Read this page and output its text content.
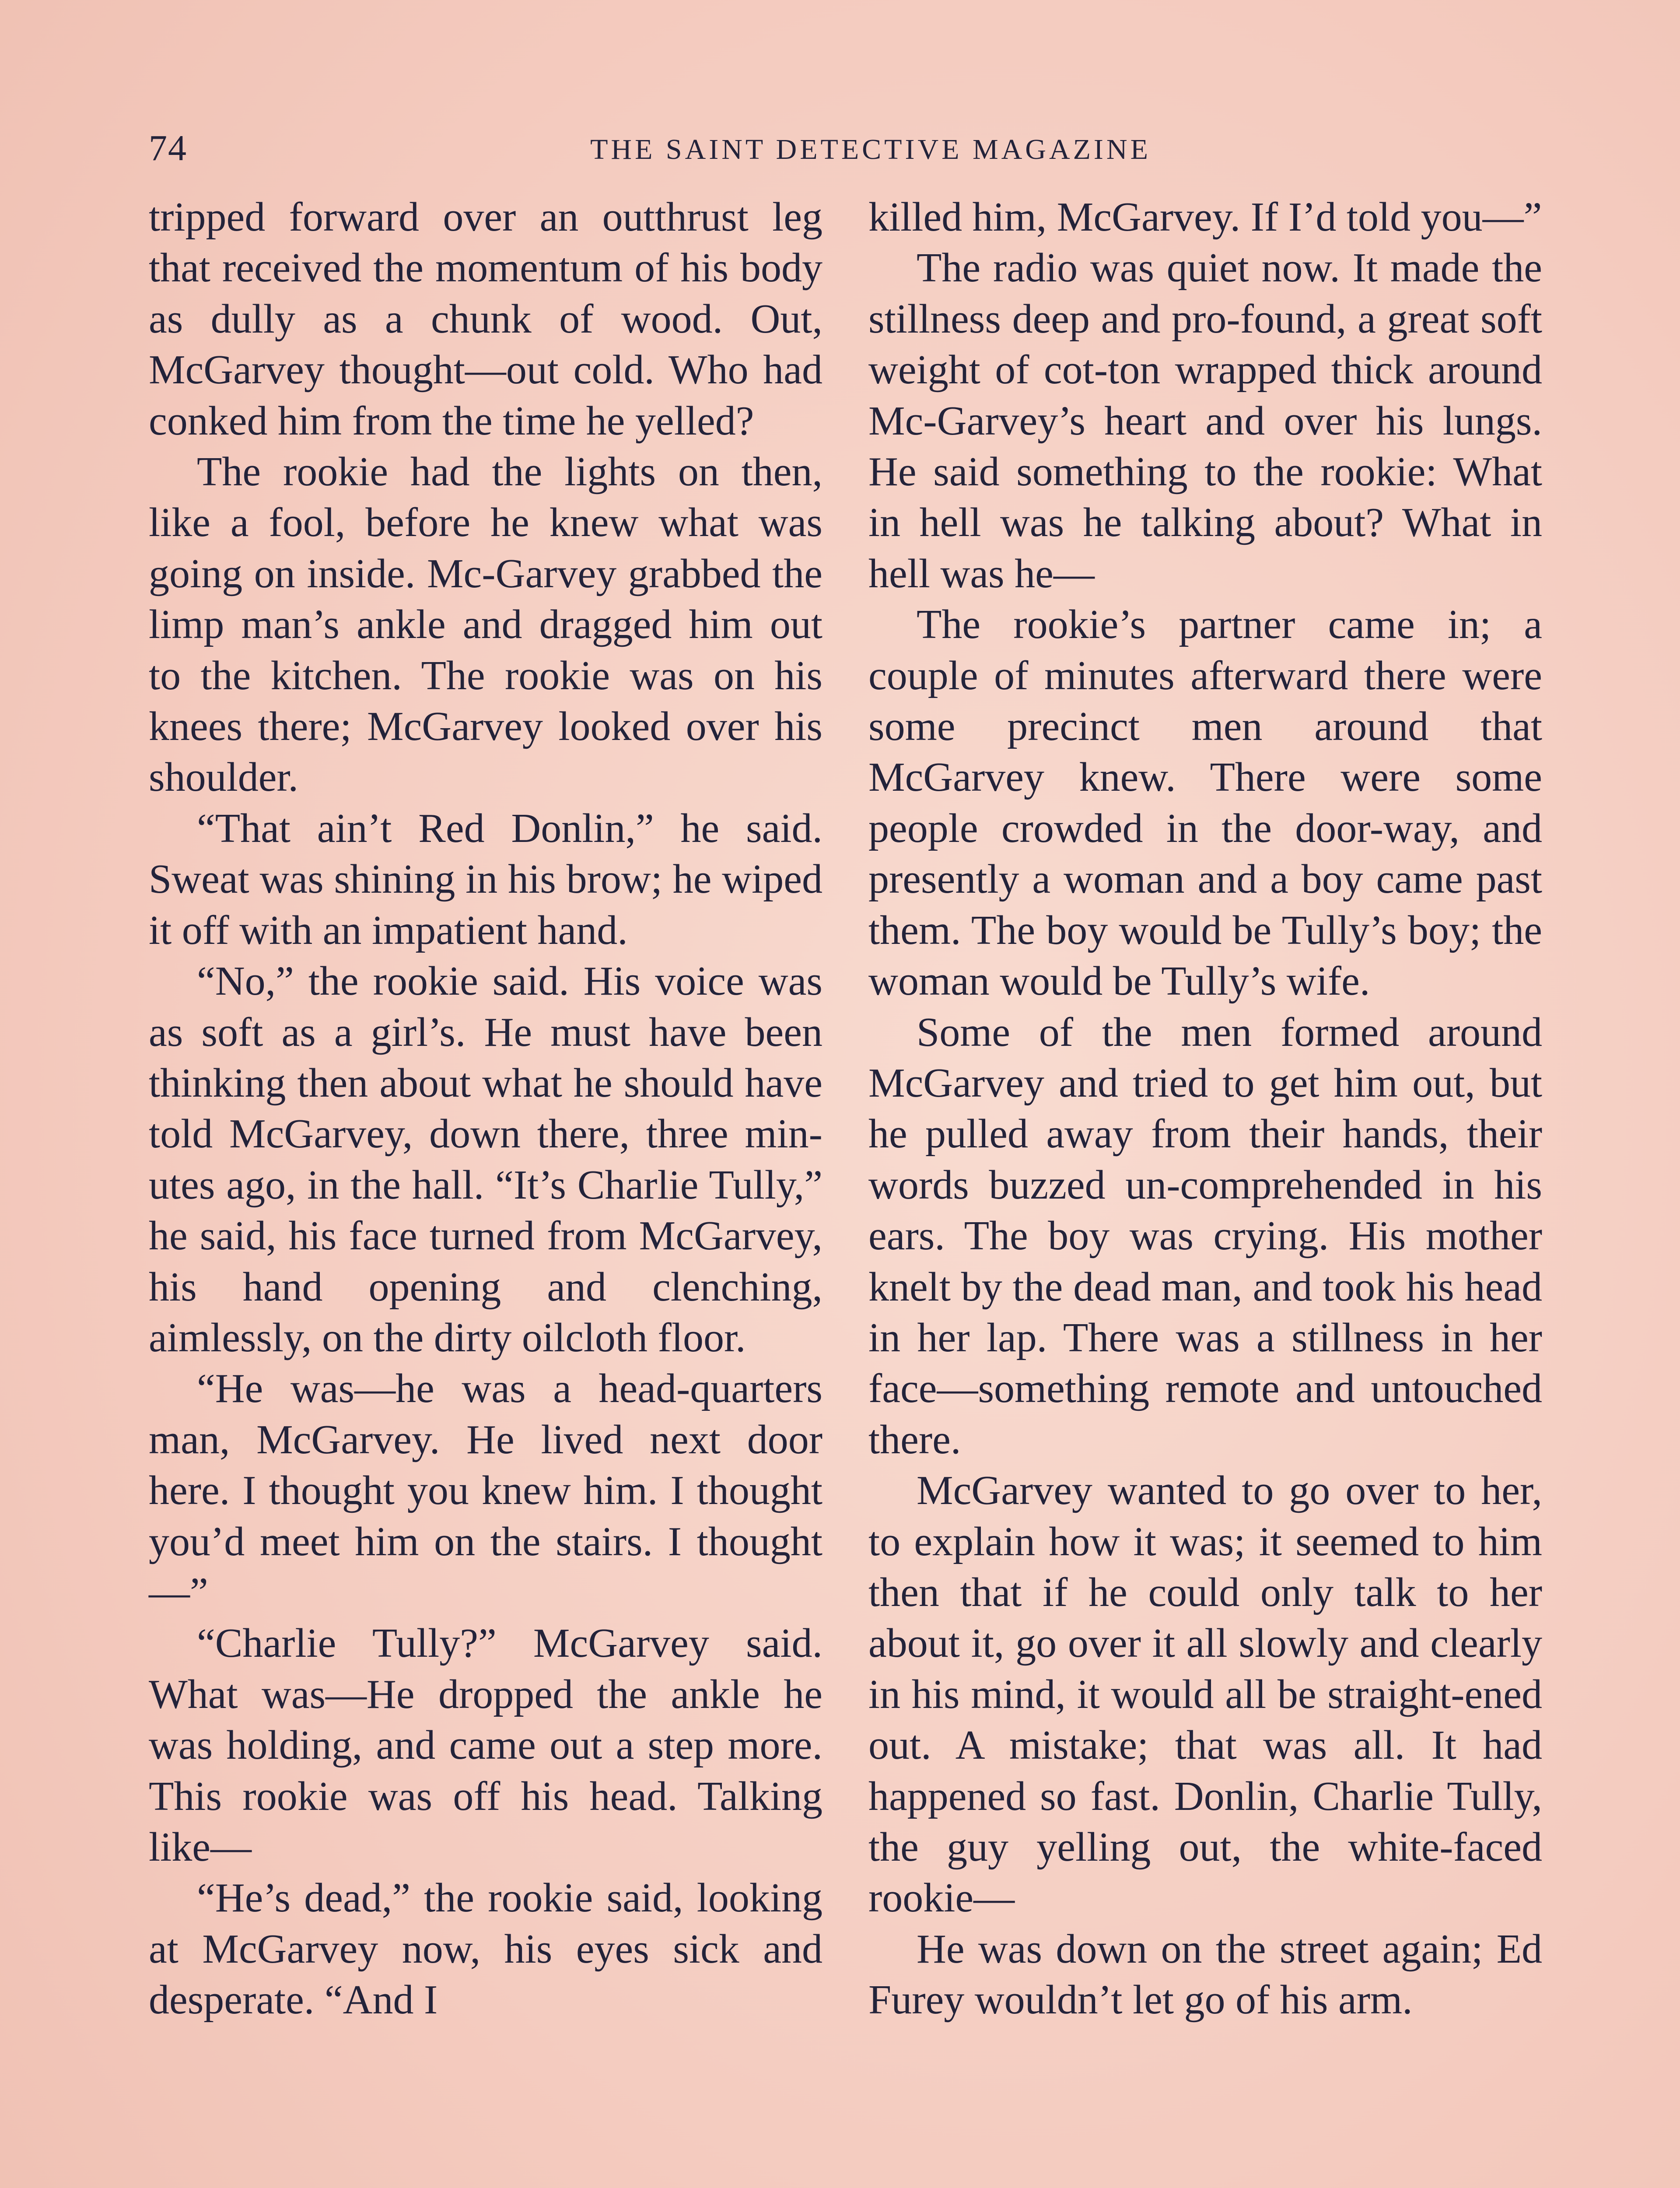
74	THE SAINT DETECTIVE MAGAZINE

tripped forward over an outthrust leg that received the momentum of his body as dully as a chunk of wood. Out, McGarvey thought—out cold. Who had conked him from the time he yelled?

The rookie had the lights on then, like a fool, before he knew what was going on inside. Mc-Garvey grabbed the limp man’s ankle and dragged him out to the kitchen. The rookie was on his knees there; McGarvey looked over his shoulder.

“That ain’t Red Donlin,” he said. Sweat was shining in his brow; he wiped it off with an impatient hand.

“No,” the rookie said. His voice was as soft as a girl’s. He must have been thinking then about what he should have told McGarvey, down there, three min-utes ago, in the hall. “It’s Charlie Tully,” he said, his face turned from McGarvey, his hand opening and clenching, aimlessly, on the dirty oilcloth floor.

“He was—he was a head-quarters man, McGarvey. He lived next door here. I thought you knew him. I thought you’d meet him on the stairs. I thought—”

“Charlie Tully?” McGarvey said. What was—He dropped the ankle he was holding, and came out a step more. This rookie was off his head. Talking like—

“He’s dead,” the rookie said, looking at McGarvey now, his eyes sick and desperate. “And I

killed him, McGarvey. If I’d told you—”

The radio was quiet now. It made the stillness deep and pro-found, a great soft weight of cot-ton wrapped thick around Mc-Garvey’s heart and over his lungs. He said something to the rookie: What in hell was he talking about? What in hell was he—

The rookie’s partner came in; a couple of minutes afterward there were some precinct men around that McGarvey knew. There were some people crowded in the door-way, and presently a woman and a boy came past them. The boy would be Tully’s boy; the woman would be Tully’s wife.

Some of the men formed around McGarvey and tried to get him out, but he pulled away from their hands, their words buzzed un-comprehended in his ears. The boy was crying. His mother knelt by the dead man, and took his head in her lap. There was a stillness in her face—something remote and untouched there.

McGarvey wanted to go over to her, to explain how it was; it seemed to him then that if he could only talk to her about it, go over it all slowly and clearly in his mind, it would all be straight-ened out. A mistake; that was all. It had happened so fast. Donlin, Charlie Tully, the guy yelling out, the white-faced rookie—

He was down on the street again; Ed Furey wouldn’t let go of his arm.
